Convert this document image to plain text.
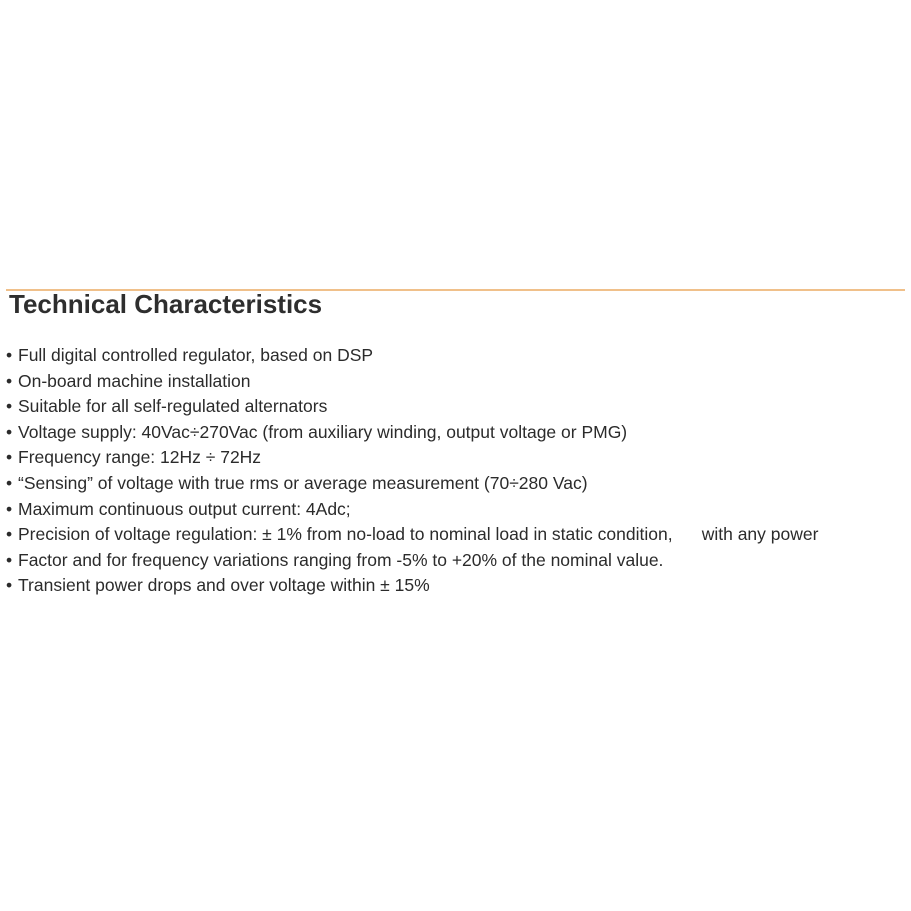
Technical Characteristics
• Full digital controlled regulator, based on DSP
• On-board machine installation
• Suitable for all self-regulated alternators
• Voltage supply: 40Vac÷270Vac (from auxiliary winding, output voltage or PMG)
• Frequency range: 12Hz ÷ 72Hz
• “Sensing” of voltage with true rms or average measurement (70÷280 Vac)
• Maximum continuous output current: 4Adc;
• Precision of voltage regulation: ± 1% from no-load to nominal load in static condition,      with any power
• Factor and for frequency variations ranging from -5% to +20% of the nominal value.
• Transient power drops and over voltage within ± 15%
